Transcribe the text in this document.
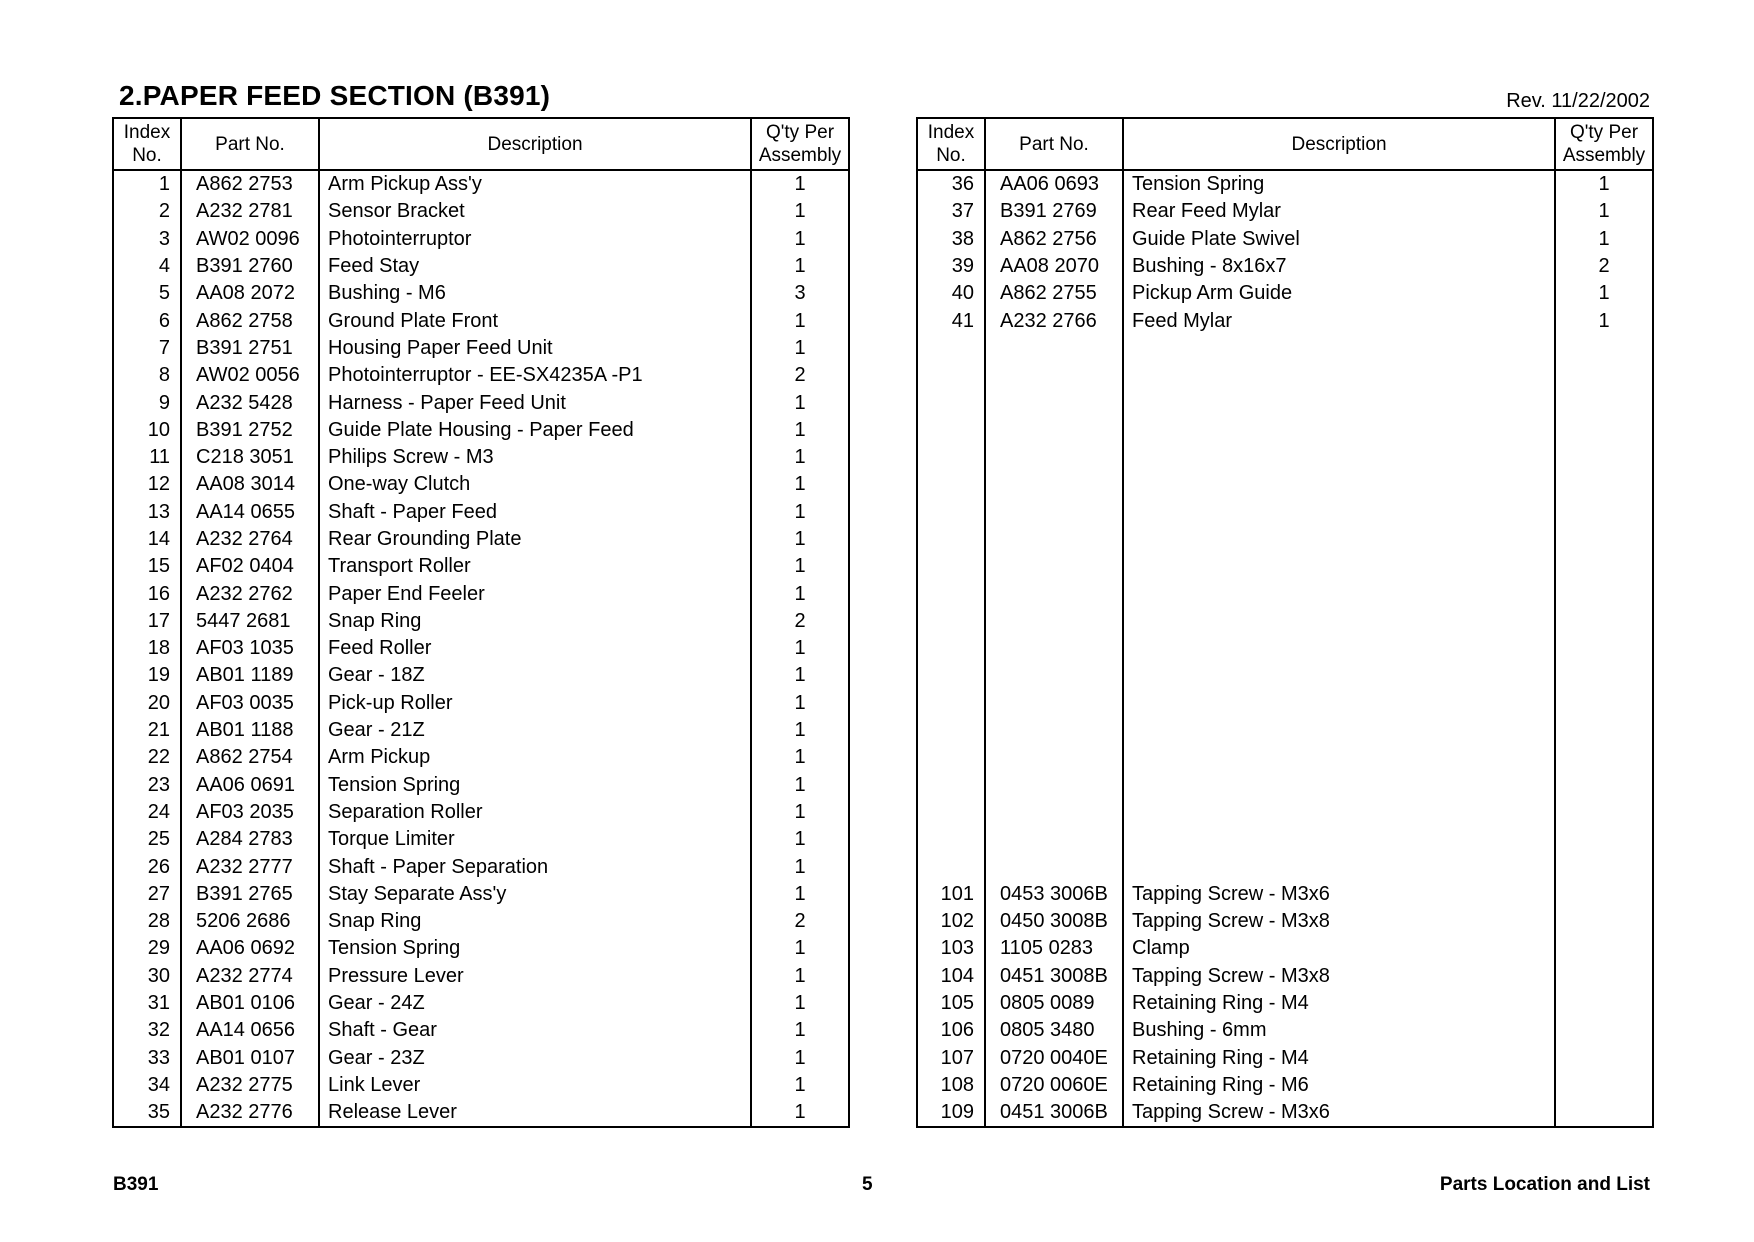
2.PAPER FEED SECTION (B391)	Rev. 11/22/2002
Index
No.	Part No.	Description	Q'ty Per
Assembly
1	A862 2753	Arm Pickup Ass'y	1
2	A232 2781	Sensor Bracket	1
3	AW02 0096	Photointerruptor	1
4	B391 2760	Feed Stay	1
5	AA08 2072	Bushing - M6	3
6	A862 2758	Ground Plate Front	1
7	B391 2751	Housing Paper Feed Unit	1
8	AW02 0056	Photointerruptor - EE-SX4235A -P1	2
9	A232 5428	Harness - Paper Feed Unit	1
10	B391 2752	Guide Plate Housing - Paper Feed	1
11	C218 3051	Philips Screw - M3	1
12	AA08 3014	One-way Clutch	1
13	AA14 0655	Shaft - Paper Feed	1
14	A232 2764	Rear Grounding Plate	1
15	AF02 0404	Transport Roller	1
16	A232 2762	Paper End Feeler	1
17	5447 2681	Snap Ring	2
18	AF03 1035	Feed Roller	1
19	AB01 1189	Gear - 18Z	1
20	AF03 0035	Pick-up Roller	1
21	AB01 1188	Gear - 21Z	1
22	A862 2754	Arm Pickup	1
23	AA06 0691	Tension Spring	1
24	AF03 2035	Separation Roller	1
25	A284 2783	Torque Limiter	1
26	A232 2777	Shaft - Paper Separation	1
27	B391 2765	Stay Separate Ass'y	1
28	5206 2686	Snap Ring	2
29	AA06 0692	Tension Spring	1
30	A232 2774	Pressure Lever	1
31	AB01 0106	Gear - 24Z	1
32	AA14 0656	Shaft - Gear	1
33	AB01 0107	Gear - 23Z	1
34	A232 2775	Link Lever	1
35	A232 2776	Release Lever	1
Index
No.	Part No.	Description	Q'ty Per
Assembly
36	AA06 0693	Tension Spring	1
37	B391 2769	Rear Feed Mylar	1
38	A862 2756	Guide Plate Swivel	1
39	AA08 2070	Bushing - 8x16x7	2
40	A862 2755	Pickup Arm Guide	1
41	A232 2766	Feed Mylar	1

101	0453 3006B	Tapping Screw - M3x6	
102	0450 3008B	Tapping Screw - M3x8	
103	1105 0283	Clamp	
104	0451 3008B	Tapping Screw - M3x8	
105	0805 0089	Retaining Ring - M4	
106	0805 3480	Bushing - 6mm	
107	0720 0040E	Retaining Ring - M4	
108	0720 0060E	Retaining Ring - M6	
109	0451 3006B	Tapping Screw - M3x6	
B391	5	Parts Location and List
